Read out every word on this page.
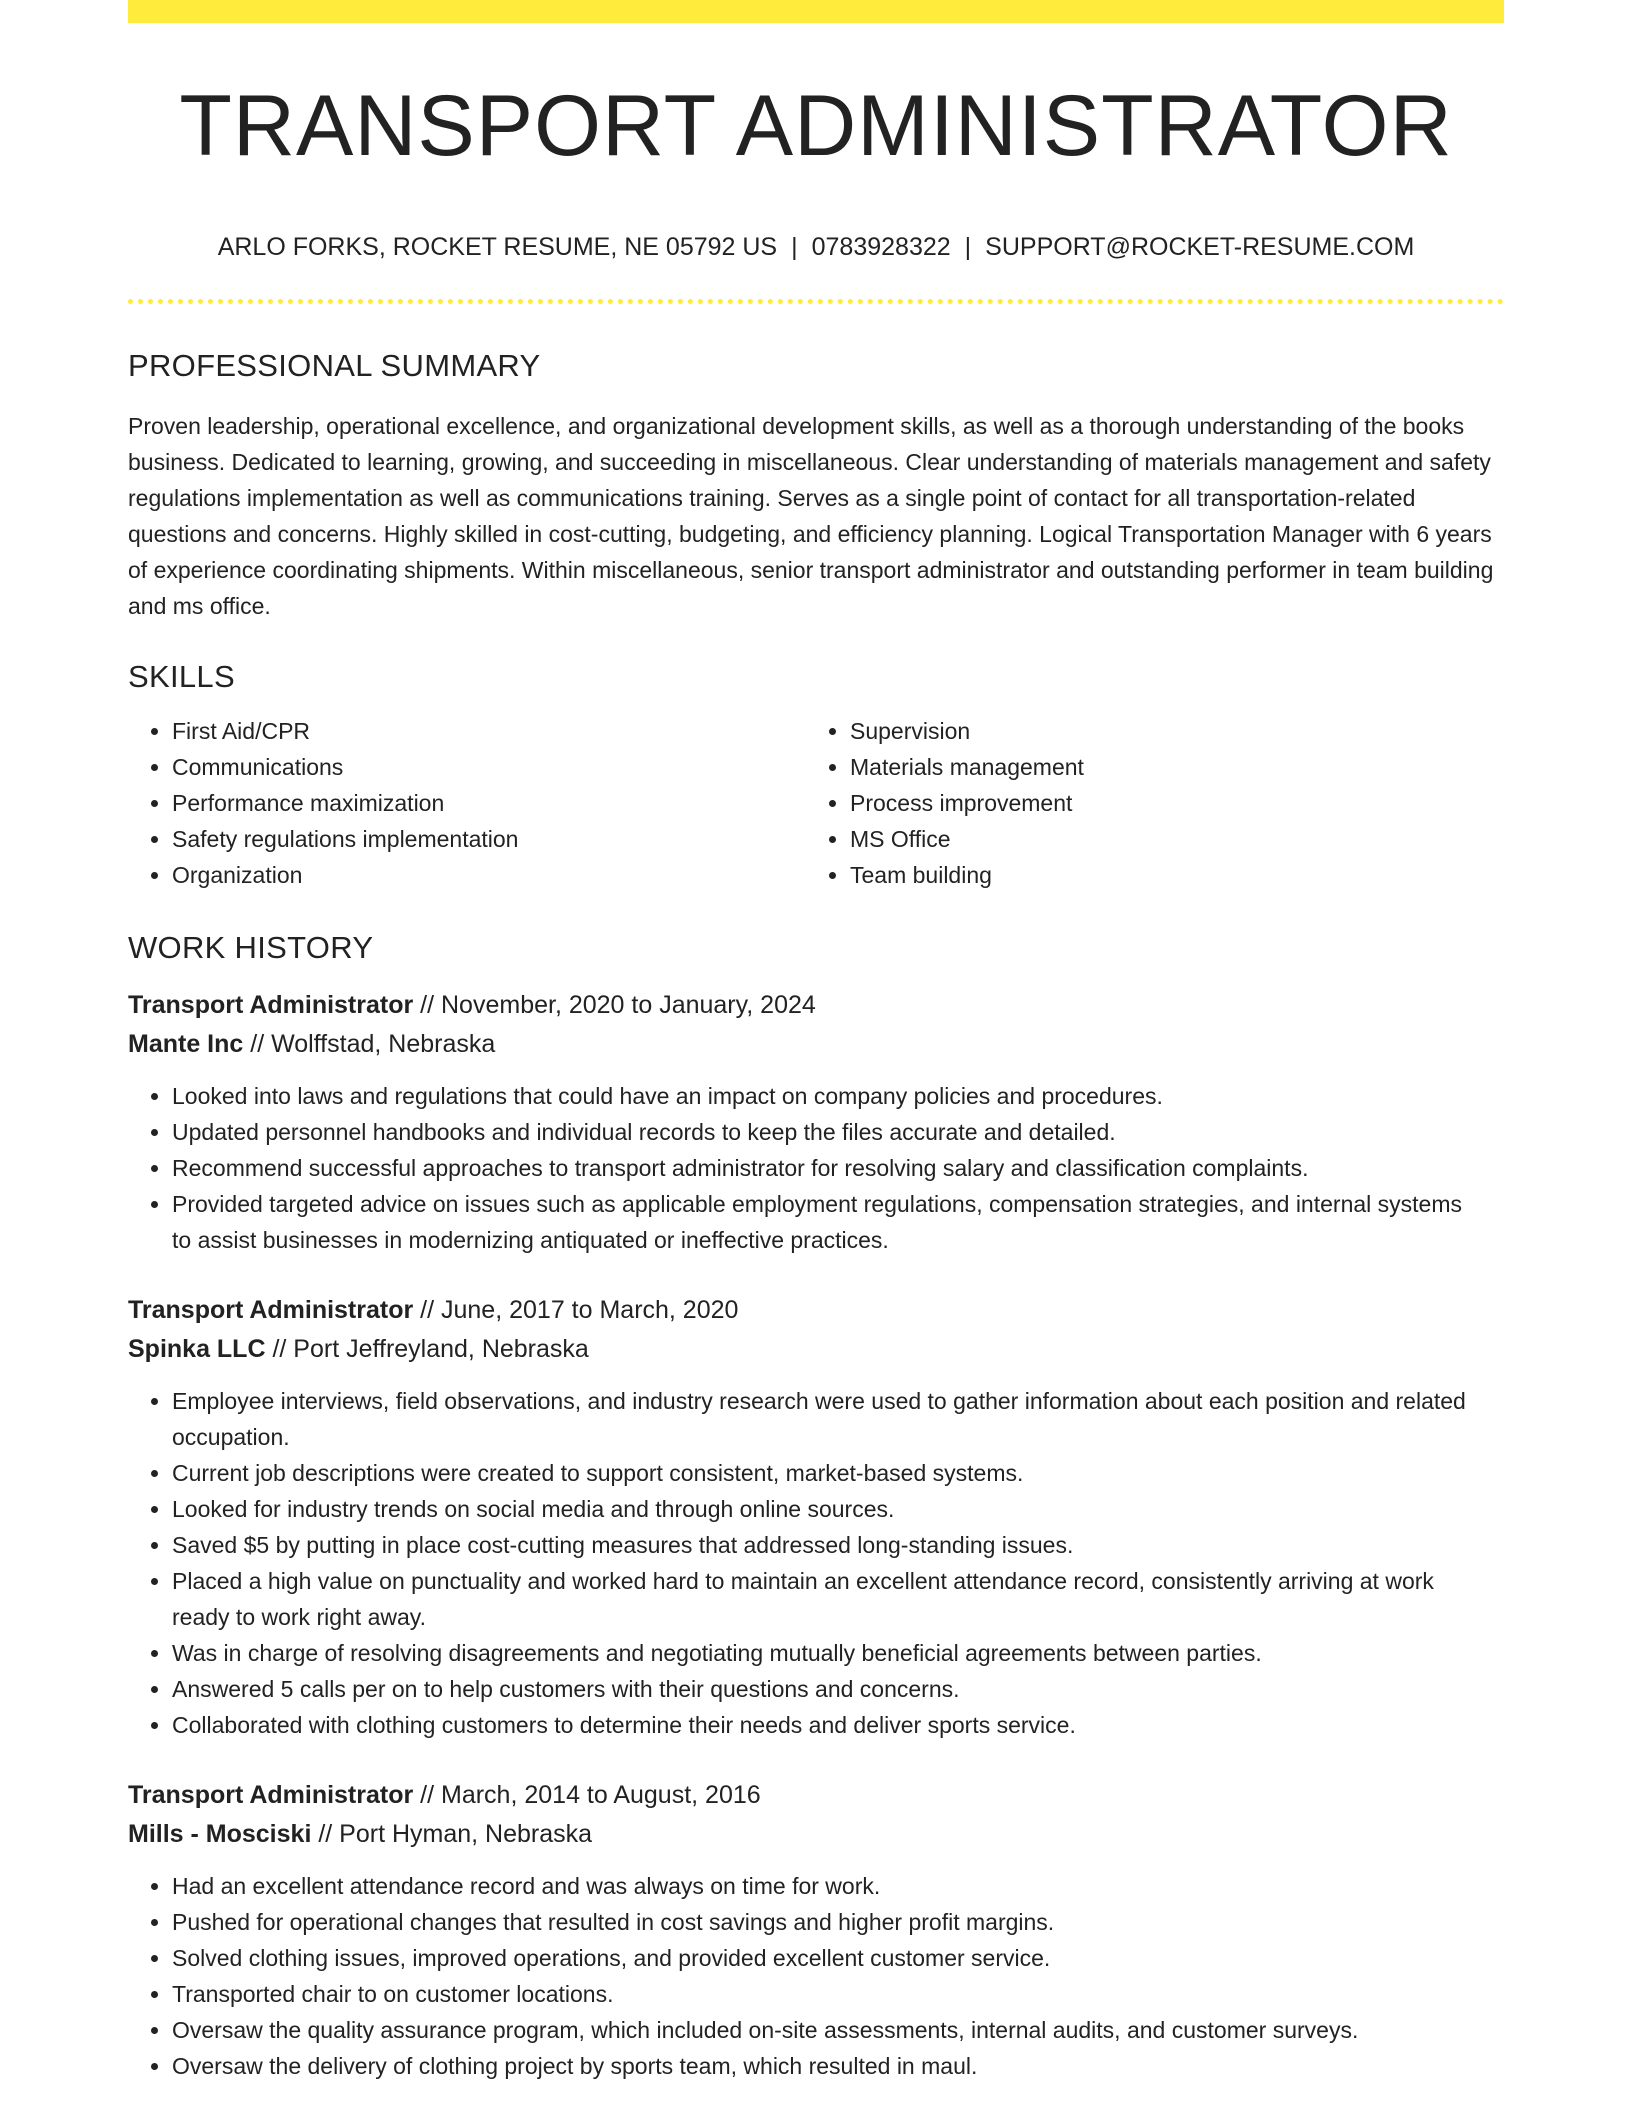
TRANSPORT ADMINISTRATOR
ARLO FORKS, ROCKET RESUME, NE 05792 US | 0783928322 | SUPPORT@ROCKET-RESUME.COM
PROFESSIONAL SUMMARY

Proven leadership, operational excellence, and organizational development skills, as well as a thorough understanding of the books business. Dedicated to learning, growing, and succeeding in miscellaneous. Clear understanding of materials management and safety regulations implementation as well as communications training. Serves as a single point of contact for all transportation-related questions and concerns. Highly skilled in cost-cutting, budgeting, and efficiency planning. Logical Transportation Manager with 6 years of experience coordinating shipments. Within miscellaneous, senior transport administrator and outstanding performer in team building and ms office.

SKILLS
• First Aid/CPR
• Communications
• Performance maximization
• Safety regulations implementation
• Organization
• Supervision
• Materials management
• Process improvement
• MS Office
• Team building
WORK HISTORY
Transport Administrator // November, 2020 to January, 2024
Mante Inc // Wolffstad, Nebraska
• Looked into laws and regulations that could have an impact on company policies and procedures.
• Updated personnel handbooks and individual records to keep the files accurate and detailed.
• Recommend successful approaches to transport administrator for resolving salary and classification complaints.
• Provided targeted advice on issues such as applicable employment regulations, compensation strategies, and internal systems to assist businesses in modernizing antiquated or ineffective practices.
Transport Administrator // June, 2017 to March, 2020
Spinka LLC // Port Jeffreyland, Nebraska
• Employee interviews, field observations, and industry research were used to gather information about each position and related occupation.
• Current job descriptions were created to support consistent, market-based systems.
• Looked for industry trends on social media and through online sources.
• Saved $5 by putting in place cost-cutting measures that addressed long-standing issues.
• Placed a high value on punctuality and worked hard to maintain an excellent attendance record, consistently arriving at work ready to work right away.
• Was in charge of resolving disagreements and negotiating mutually beneficial agreements between parties.
• Answered 5 calls per on to help customers with their questions and concerns.
• Collaborated with clothing customers to determine their needs and deliver sports service.
Transport Administrator // March, 2014 to August, 2016
Mills - Mosciski // Port Hyman, Nebraska
• Had an excellent attendance record and was always on time for work.
• Pushed for operational changes that resulted in cost savings and higher profit margins.
• Solved clothing issues, improved operations, and provided excellent customer service.
• Transported chair to on customer locations.
• Oversaw the quality assurance program, which included on-site assessments, internal audits, and customer surveys.
• Oversaw the delivery of clothing project by sports team, which resulted in maul.
